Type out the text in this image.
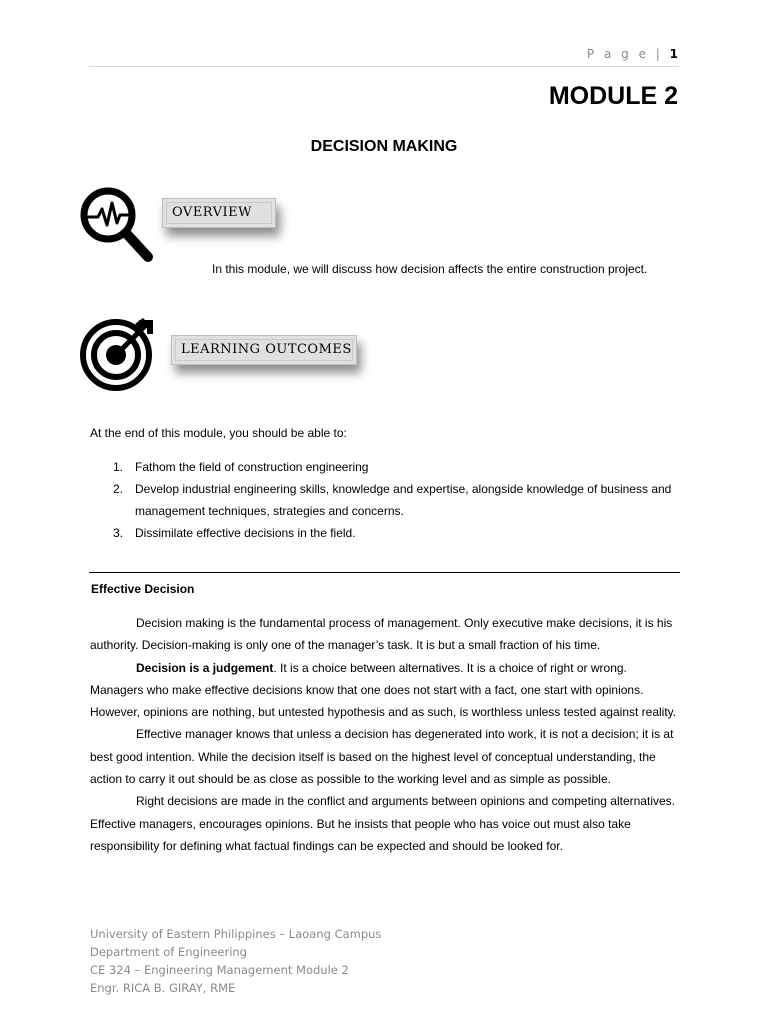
P a g e | 1
MODULE 2
DECISION MAKING
OVERVIEW
In this module, we will discuss how decision affects the entire construction project.
LEARNING OUTCOMES
At the end of this module, you should be able to:
1. Fathom the field of construction engineering
2. Develop industrial engineering skills, knowledge and expertise, alongside knowledge of business and management techniques, strategies and concerns.
3. Dissimilate effective decisions in the field.
Effective Decision

Decision making is the fundamental process of management. Only executive make decisions, it is his authority. Decision-making is only one of the manager’s task. It is but a small fraction of his time.

Decision is a judgement. It is a choice between alternatives. It is a choice of right or wrong. Managers who make effective decisions know that one does not start with a fact, one start with opinions. However, opinions are nothing, but untested hypothesis and as such, is worthless unless tested against reality.

Effective manager knows that unless a decision has degenerated into work, it is not a decision; it is at best good intention. While the decision itself is based on the highest level of conceptual understanding, the action to carry it out should be as close as possible to the working level and as simple as possible.

Right decisions are made in the conflict and arguments between opinions and competing alternatives. Effective managers, encourages opinions. But he insists that people who has voice out must also take responsibility for defining what factual findings can be expected and should be looked for.

University of Eastern Philippines – Laoang Campus
Department of Engineering
CE 324 – Engineering Management Module 2
Engr. RICA B. GIRAY, RME
